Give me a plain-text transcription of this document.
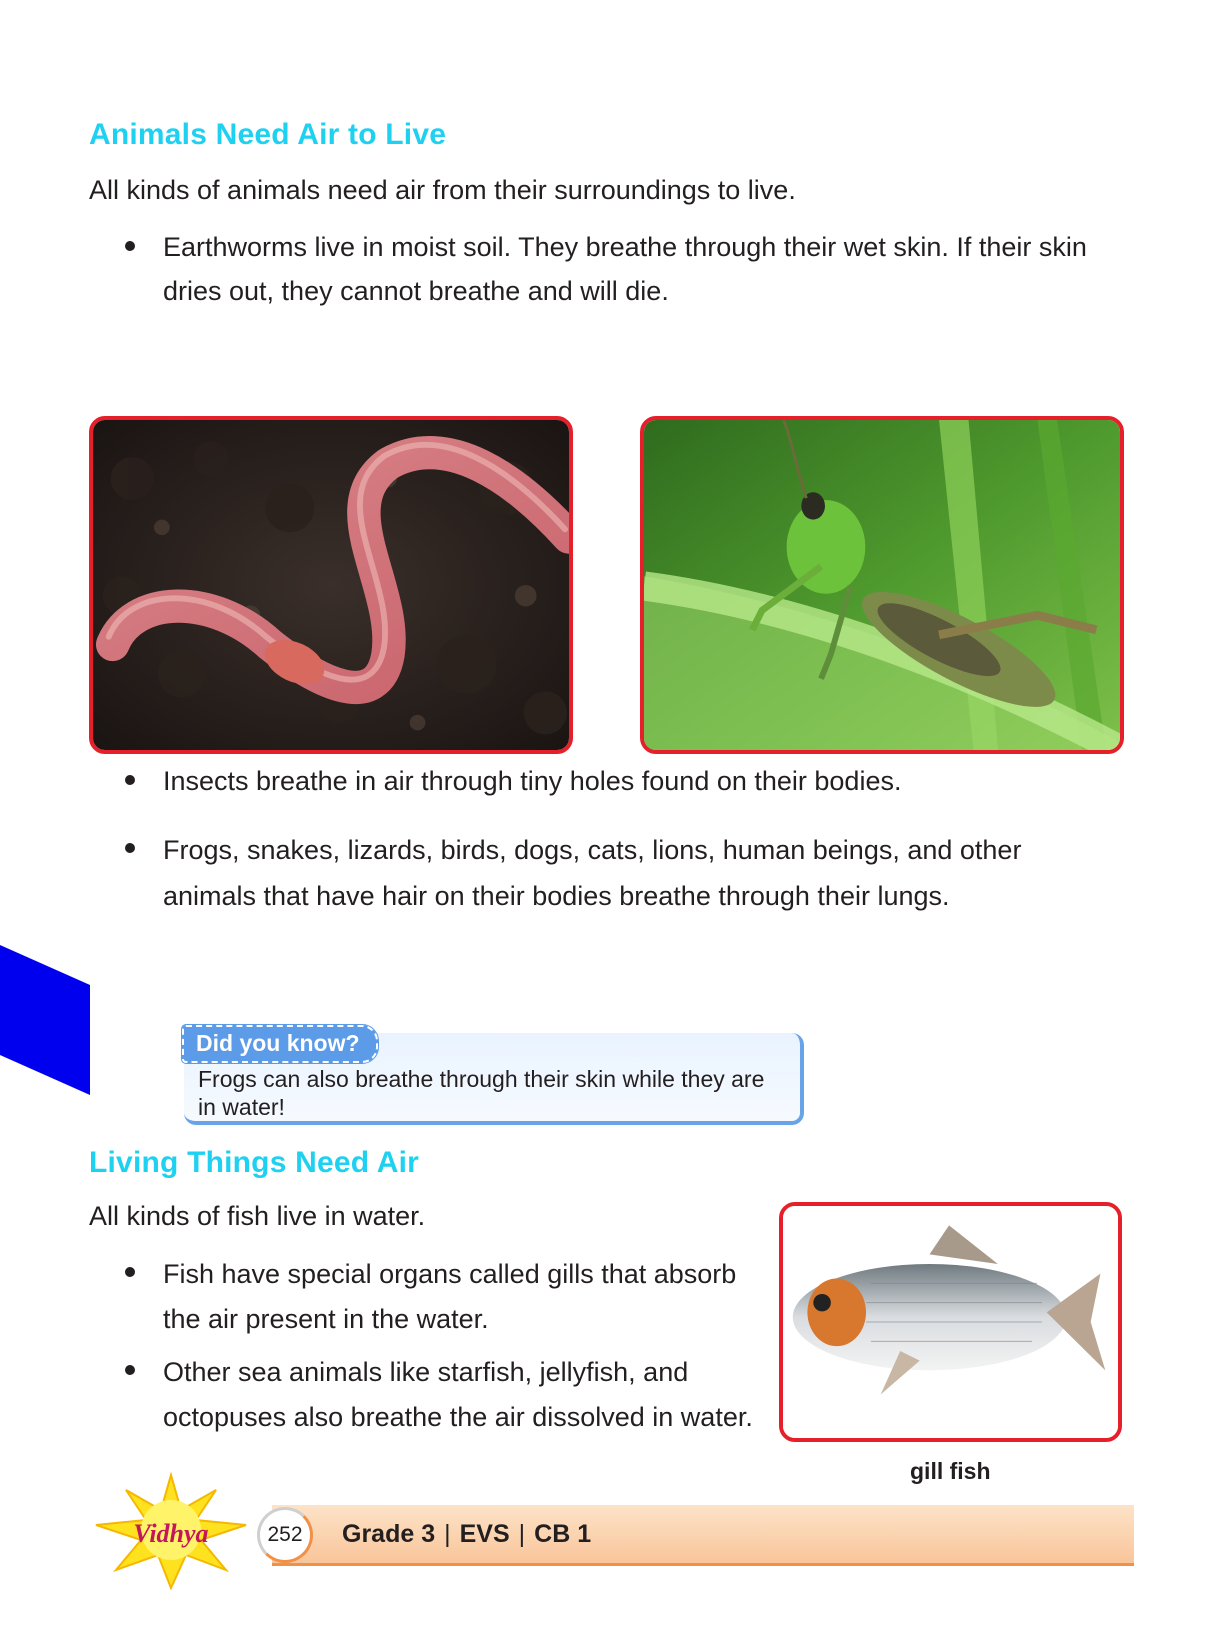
Animals Need Air to Live

All kinds of animals need air from their surroundings to live.

Earthworms live in moist soil. They breathe through their wet skin. If their skin dries out, they cannot breathe and will die.
Insects breathe in air through tiny holes found on their bodies.
Frogs, snakes, lizards, birds, dogs, cats, lions, human beings, and other animals that have hair on their bodies breathe through their lungs.
Did you know?
Frogs can also breathe through their skin while they are in water!
Living Things Need Air

All kinds of fish live in water.

Fish have special organs called gills that absorb the air present in the water.
Other sea animals like starfish, jellyfish, and octopuses also breathe the air dissolved in water.
gill fish
Vidhya	252	Grade 3 | EVS | CB 1
